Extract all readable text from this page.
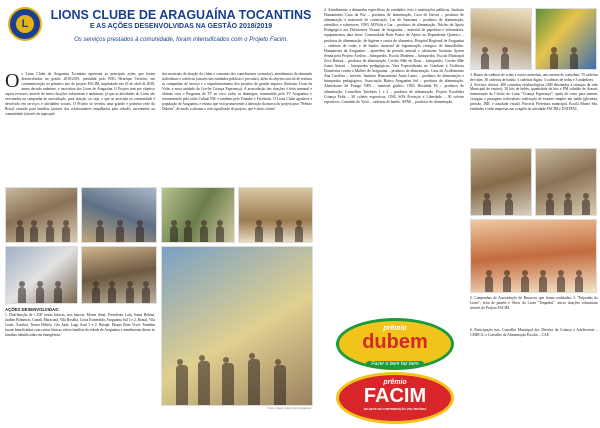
L
LIONS CLUBE DE ARAGUAÍNA TOCANTINS
E AS AÇÕES DESENVOLVIDAS NA GESTÃO 2018/2019
Os serviços prestados à comunidade, foram intensificados com o Projeto Facim.
O s Lions Clube de Araguaína Tocantins apresenta as principais ações que foram desenvolvidas na gestão 2018/2019, presidida pelo PDG Henrique Teixeira, em commemoração ao primeiro ano do projeto FACIM, implantado em 16 de abril de 2018, numa decisão unânime, e inovadora dos Lions de Araguaína. O Projeto tem por objetivo captar recursos, através de micro doações voluntárias e anônimas, já que as atividades do Lions são executadas na campanha de arrecadação, para doação, ou seja, o que se arrecada ao comunidade é devolvido em serviços e atividades sociais. O Projeto se revelou uma grande e primeira rede do Brasil, reunido para famílias (através dos colaboradores empilhados pela cidade), movimento na comunidade (através da aquisição
dos materiais de doação do clube e consumo dos contribuintes sorteados), atendimento da demanda individuais e coletivas (através das entidades públicas e privadas), além do objetivo inicial de realizar as campanhas de serviço e o impulsionamento dos projetos de grande impacto (Instituto Lions da Visão e nova unidade da Creche Criança Esperança). A arrecadação das doações é feita semanal e ultimas com o Programa de TV ao vivo, todos os domingos, transmitido pela TV Araguaína, e retransmitido pela rádio Cidade FM, e também pelo Youtube e Facebook. O Lions Clube agradece a população de Araguaína, e estima que está promovendo a alteração da marca do projeto para "Prêmio Dubem", de modo a afirmar o real significado do projeto, que é fazer o bem!
AÇÕES DESENVOLVIDAS:
1. Distribuição de 1.100 cestas básicas, nos bairros: Monte Sinai, Presidente Lula, Santa Helena, Jardim Palmeiras, Canaã, Maracanã, Vila Rosália, Costa Esmeralda, Araguaína Sul 1 e 2, Raizal, Vila Goiás, Xixebal, Tereza Hilário, Céu Azul, Lago Azul 1 e 2, Baiapé, Parque Bom Viver. Também foram beneficiadas com cestas básicas várias famílias da cidade de Araguaína e atendimento direto às famílias identificadas em emergência.
Fotos: Arquivo Lions Clube Araguaína
2. Atendimento a demandas específicas de entidades civis e instituições públicas. Instituto Humanitário Casa da Paz – produtos de alimentação; Casa de Idosos – produtos de alimentação e materiais de construção. Lar do Samaana – produtos de alimentação, utensílios e cobertores. ONG ADVida e Lar – produtos de alimentação. Núcleo de Apoio Pedagógico aos Deficientes Visuais de Araguaína – material de papelaria e informática, equipamentos data show. Comunidade Bom Pastor de Apoio ao Dependente Químico – produtos de alimentação, de higiene e cestas de alimentos. Hospital Regional de Araguaína – cadeiras de rodas e de banho; material de higienização cirúrgica do hemodiálise. Humanistas da Araguaína – aparelhos de pressão arterial e ultrassom. Instituto Ayrton Senna pelo Projeto Acelera – brinquedos. Escola Moderna – brinquedos. Escola Municipal Zeca Batista – produtos de alimentação. Creche Mãe de Deus – brinquedos. Creche Mãe Joana Araraú – brinquedos pedagógicos. Vara Especializada no Combate à Violência Doméstica contra a Mulher de Araguaína – produtos de alimentação. Casa do Acolhimento Ana Carolina – móveis. Instituto Humanitário Anita Lauro – produtos de alimentação e brinquedos pedagógicos. Associação Bairro Araguaína Sul – produtos de alimentação. Abatedouro de Frango NPA – material gráfico. ONG Hortinha Pé – produtos de alimentação. Conselhos Tutelares 1 e 2 – produtos de alimentação. Projeto Escolinha Criança Feliz – 30 coletes esportivos. ONG SOS Proteção e Liberdade – 30 coletes esportivos. Cantinho do Vovô – cadeiras de banho. APAE – produtos de alimentação.
3. Banco de cadeiras de rodas e outros materiais, um sistema de comodato: 70 cadeiras de rodas; 30 cadeiras de banho; 3 cadeiras digias; 3 cadeiras de rodas e 3 andadores.
4. Serviços diretos: 400 consultas oftalmológicas (400 destinadas a crianças da rede Municipal de ensino); 30 kits de bebês; quantidade de kits e PM cidadão de Araraú; manutenção da Creche do Lions "Criança Esperança"; ajuda de custo para mamas, cirurgias e passagens rodoviárias; realização de exames simples em saúde (glicemia, pressão, IMC e acuidade visual). Parceria Prefeitura municipal, Escola Monte São, entidades e sede empresas em a região do atividade FACIM e UNITPAC.
5. Campanhas de Arrecadação de Recursos que foram realizadas: 3 "Feijoadas do Lions"; feira de pastéis e Show do Lions "Tenpolini", micro doações voluntárias através do Projeto FACIM.
6. Participação nos: Conselho Municipal dos Direitos da Criança e Adolescente – CMDCA; e Conselho da Alimentação Escolar – CAE.
prêmio
dubem
Fazer o bem faz bem
prêmio
FACIM
BILHETE DE CONTRIBUIÇÃO VOLUNTÁRIA
